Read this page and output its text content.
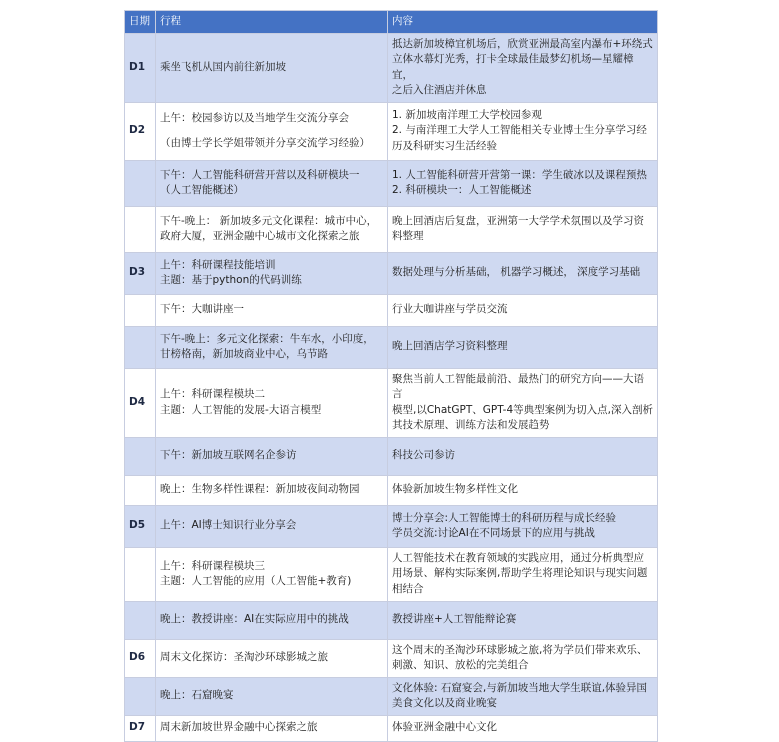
日期	行程	内容
D1	乘坐飞机从国内前往新加坡	抵达新加坡樟宜机场后，欣赏亚洲最高室内瀑布+环绕式
立体水幕灯光秀，打卡全球最佳最梦幻机场—星耀樟宜，
之后入住酒店并休息

D2	上午：校园参访以及当地学生交流分享会
（由博士学长学姐带领并分享交流学习经验）	1. 新加坡南洋理工大学校园参观
2. 与南洋理工大学人工智能相关专业博士生分享学习经
历及科研实习生活经验

	下午：人工智能科研营开营以及科研模块一
（人工智能概述）	1. 人工智能科研营开营第一课：学生破冰以及课程预热
2. 科研模块一：人工智能概述

	下午-晚上： 新加坡多元文化课程：城市中心，
政府大厦，亚洲金融中心城市文化探索之旅	晚上回酒店后复盘，亚洲第一大学学术氛围以及学习资
料整理

D3	上午：科研课程技能培训
主题：基于python的代码训练	数据处理与分析基础， 机器学习概述， 深度学习基础

	下午：大咖讲座一	行业大咖讲座与学员交流

	下午-晚上：多元文化探索：牛车水，小印度，
甘榜格南，新加坡商业中心，乌节路	晚上回酒店学习资料整理

D4	上午：科研课程模块二
主题：人工智能的发展-大语言模型	聚焦当前人工智能最前沿、最热门的研究方向——大语言
模型,以ChatGPT、GPT-4等典型案例为切入点,深入剖析
其技术原理、训练方法和发展趋势

	下午：新加坡互联网名企参访	科技公司参访

	晚上：生物多样性课程：新加坡夜间动物园	体验新加坡生物多样性文化

D5	上午：AI博士知识行业分享会	博士分享会:人工智能博士的科研历程与成长经验
学员交流:讨论AI在不同场景下的应用与挑战

	上午：科研课程模块三
主题：人工智能的应用（人工智能+教育)	人工智能技术在教育领域的实践应用，通过分析典型应
用场景、解构实际案例,帮助学生将理论知识与现实问题
相结合

	晚上：教授讲座：AI在实际应用中的挑战	教授讲座+人工智能辩论赛

D6	周末文化探访：圣淘沙环球影城之旅	这个周末的圣淘沙环球影城之旅,将为学员们带来欢乐、
刺激、知识、放松的完美组合

	晚上：石窟晚宴	文化体验: 石窟宴会,与新加坡当地大学生联谊,体验异国
美食文化以及商业晚宴

D7	周末新加坡世界金融中心探索之旅	体验亚洲金融中心文化
